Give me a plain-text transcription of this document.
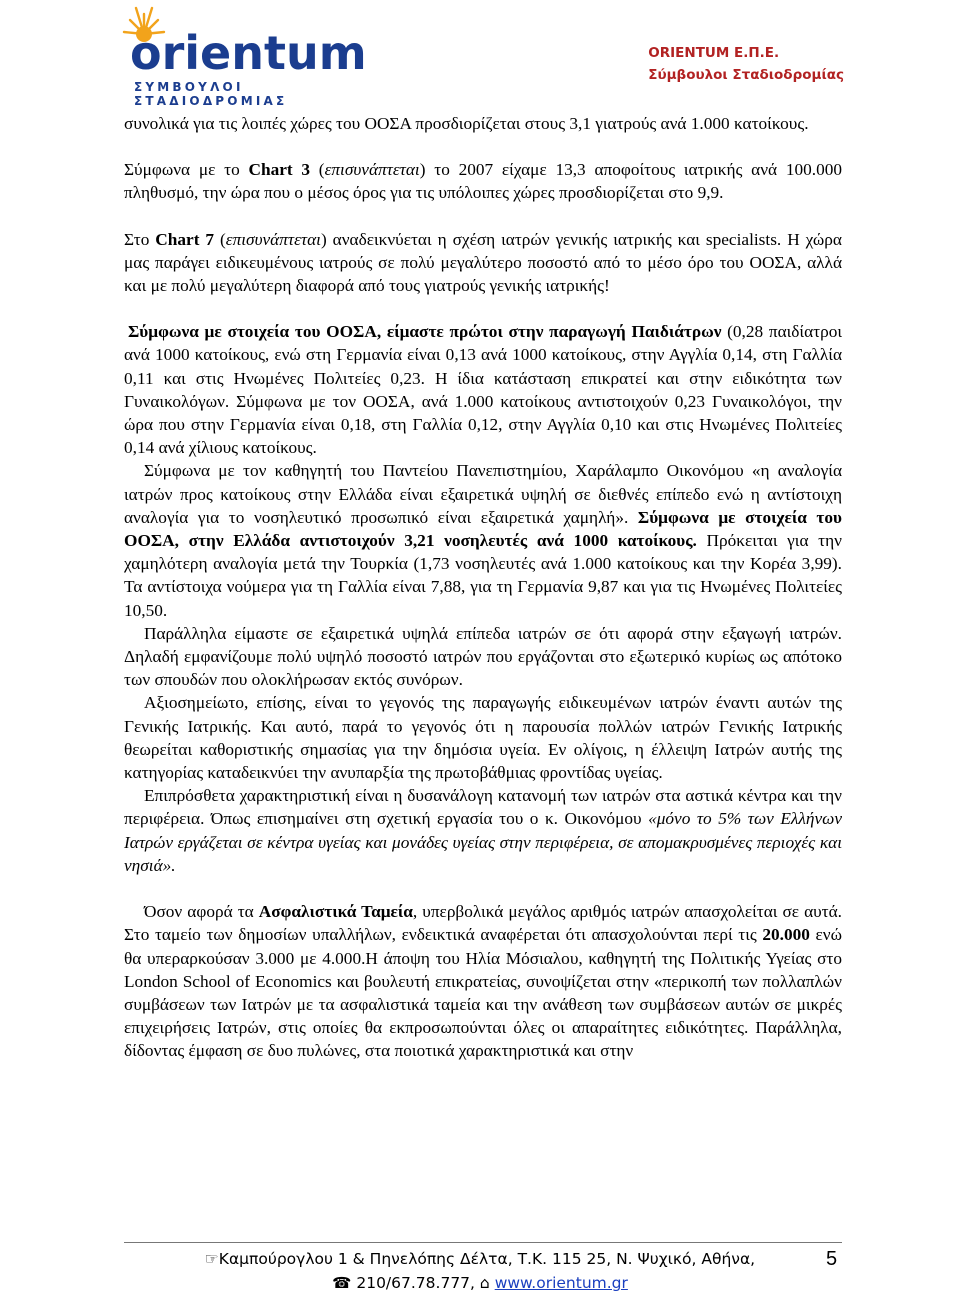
orientum
ΣΥΜΒΟΥΛΟΙ ΣΤΑΔΙΟΔΡΟΜΙΑΣ
ORIENTUM Ε.Π.Ε.
Σύμβουλοι Σταδιοδρομίας

συνολικά για τις λοιπές χώρες του ΟΟΣΑ προσδιορίζεται στους 3,1 γιατρούς ανά 1.000 κατοίκους.

Σύμφωνα με το Chart 3 (επισυνάπτεται) το 2007 είχαμε 13,3 αποφοίτους ιατρικής ανά 100.000 πληθυσμό, την ώρα που ο μέσος όρος για τις υπόλοιπες χώρες προσδιορίζεται στο 9,9.

Στο Chart 7 (επισυνάπτεται) αναδεικνύεται η σχέση ιατρών γενικής ιατρικής και specialists. Η χώρα μας παράγει ειδικευμένους ιατρούς σε πολύ μεγαλύτερο ποσοστό από το μέσο όρο του ΟΟΣΑ, αλλά και με πολύ μεγαλύτερη διαφορά από τους γιατρούς γενικής ιατρικής!

Σύμφωνα με στοιχεία του ΟΟΣΑ, είμαστε πρώτοι στην παραγωγή Παιδιάτρων (0,28 παιδίατροι ανά 1000 κατοίκους, ενώ στη Γερμανία είναι 0,13 ανά 1000 κατοίκους, στην Αγγλία 0,14, στη Γαλλία 0,11 και στις Ηνωμένες Πολιτείες 0,23. Η ίδια κατάσταση επικρατεί και στην ειδικότητα των Γυναικολόγων. Σύμφωνα με τον ΟΟΣΑ, ανά 1.000 κατοίκους αντιστοιχούν 0,23 Γυναικολόγοι, την ώρα που στην Γερμανία είναι 0,18, στη Γαλλία 0,12, στην Αγγλία 0,10 και στις Ηνωμένες Πολιτείες 0,14 ανά χίλιους κατοίκους.

Σύμφωνα με τον καθηγητή του Παντείου Πανεπιστημίου, Χαράλαμπο Οικονόμου «η αναλογία ιατρών προς κατοίκους στην Ελλάδα είναι εξαιρετικά υψηλή σε διεθνές επίπεδο ενώ η αντίστοιχη αναλογία για το νοσηλευτικό προσωπικό είναι εξαιρετικά χαμηλή». Σύμφωνα με στοιχεία του ΟΟΣΑ, στην Ελλάδα αντιστοιχούν 3,21 νοσηλευτές ανά 1000 κατοίκους. Πρόκειται για την χαμηλότερη αναλογία μετά την Τουρκία (1,73 νοσηλευτές ανά 1.000 κατοίκους και την Κορέα 3,99). Τα αντίστοιχα νούμερα για τη Γαλλία είναι 7,88, για τη Γερμανία 9,87 και για τις Ηνωμένες Πολιτείες 10,50.

Παράλληλα είμαστε σε εξαιρετικά υψηλά επίπεδα ιατρών σε ότι αφορά στην εξαγωγή ιατρών. Δηλαδή εμφανίζουμε πολύ υψηλό ποσοστό ιατρών που εργάζονται στο εξωτερικό κυρίως ως απότοκο των σπουδών που ολοκλήρωσαν εκτός συνόρων.

Αξιοσημείωτο, επίσης, είναι το γεγονός της παραγωγής ειδικευμένων ιατρών έναντι αυτών της Γενικής Ιατρικής. Και αυτό, παρά το γεγονός ότι η παρουσία πολλών ιατρών Γενικής Ιατρικής θεωρείται καθοριστικής σημασίας για την δημόσια υγεία. Εν ολίγοις, η έλλειψη Ιατρών αυτής της κατηγορίας καταδεικνύει την ανυπαρξία της πρωτοβάθμιας φροντίδας υγείας.

Επιπρόσθετα χαρακτηριστική είναι η δυσανάλογη κατανομή των ιατρών στα αστικά κέντρα και την περιφέρεια. Όπως επισημαίνει στη σχετική εργασία του ο κ. Οικονόμου «μόνο το 5% των Ελλήνων Ιατρών εργάζεται σε κέντρα υγείας και μονάδες υγείας στην περιφέρεια, σε απομακρυσμένες περιοχές και νησιά».

Όσον αφορά τα Ασφαλιστικά Ταμεία, υπερβολικά μεγάλος αριθμός ιατρών απασχολείται σε αυτά. Στο ταμείο των δημοσίων υπαλλήλων, ενδεικτικά αναφέρεται ότι απασχολούνται περί τις 20.000 ενώ θα υπεραρκούσαν 3.000 με 4.000.Η άποψη του Ηλία Μόσιαλου, καθηγητή της Πολιτικής Υγείας στο London School of Economics και βουλευτή επικρατείας, συνοψίζεται στην «περικοπή των πολλαπλών συμβάσεων των Ιατρών με τα ασφαλιστικά ταμεία και την ανάθεση των συμβάσεων αυτών σε μικρές επιχειρήσεις Ιατρών, στις οποίες θα εκπροσωπούνται όλες οι απαραίτητες ειδικότητες. Παράλληλα, δίδοντας έμφαση σε δυο πυλώνες, στα ποιοτικά χαρακτηριστικά και στην

☞Καμπούρογλου 1 & Πηνελόπης Δέλτα, Τ.Κ. 115 25, Ν. Ψυχικό, Αθήνα,
☎ 210/67.78.777, ⌂ www.orientum.gr
5
